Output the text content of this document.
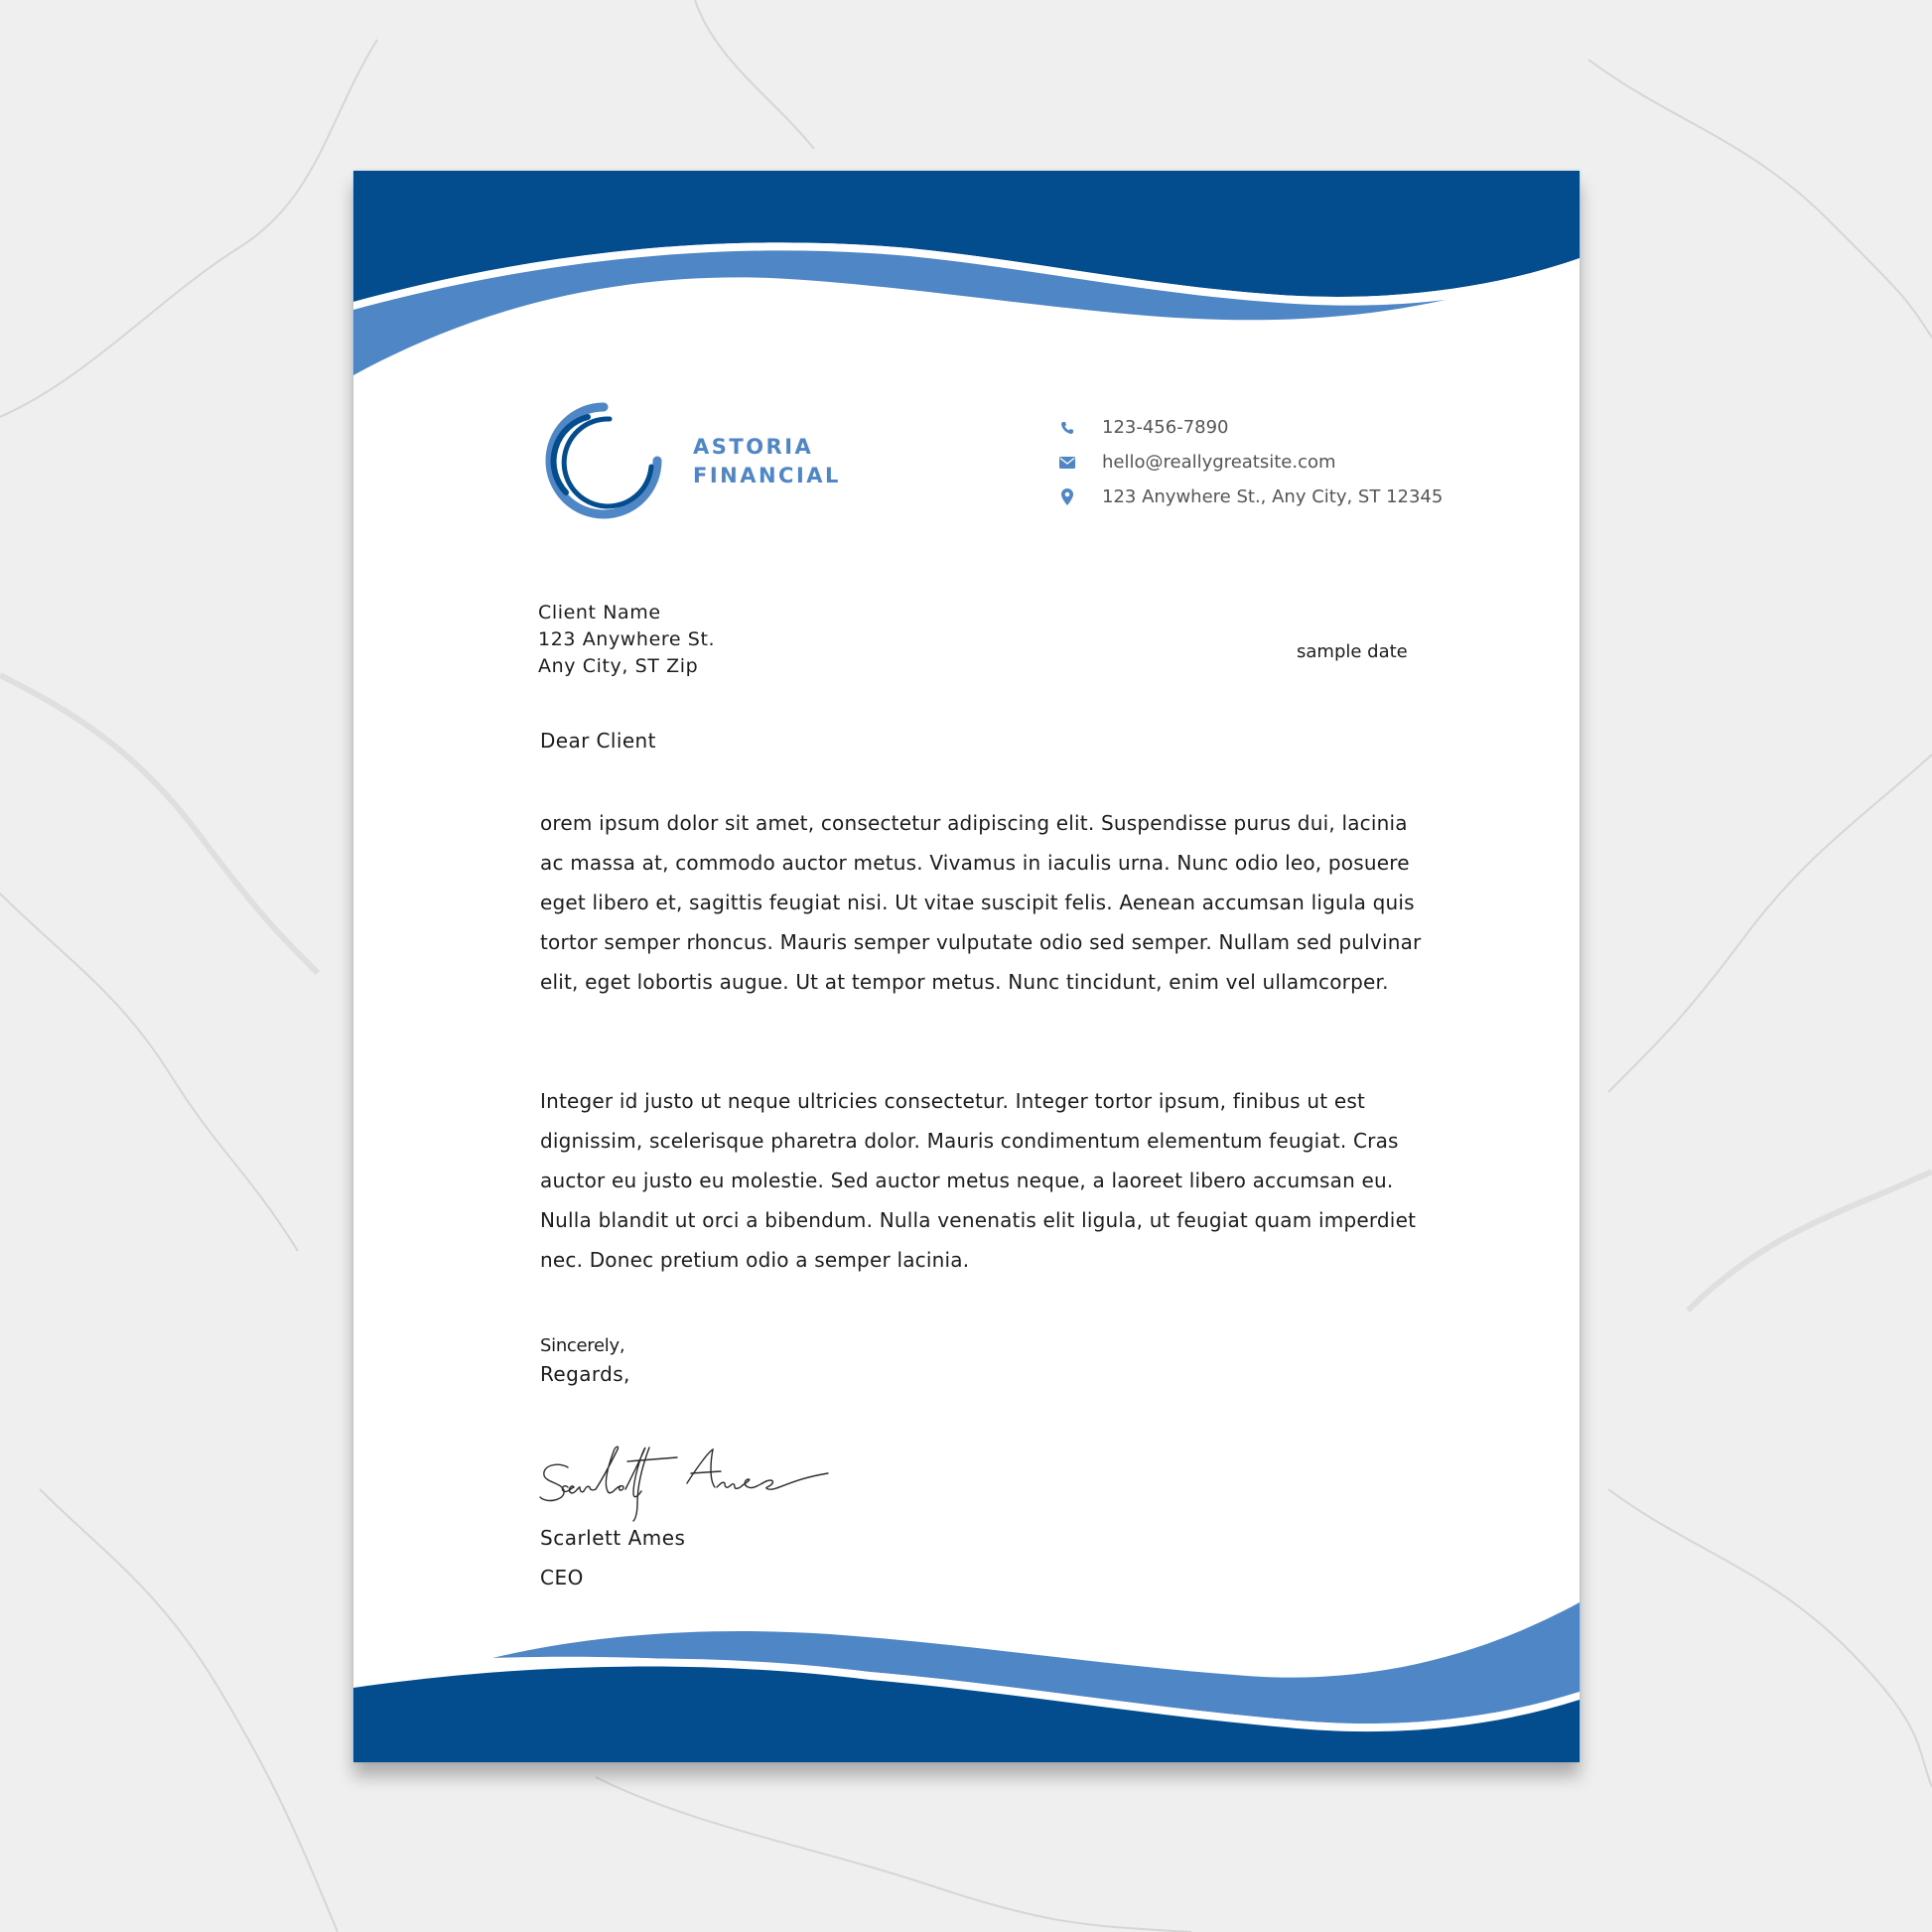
ASTORIA
FINANCIAL
123-456-7890
hello@reallygreatsite.com
123 Anywhere St., Any City, ST 12345
Client Name
123 Anywhere St.
Any City, ST Zip
sample date
Dear Client
orem ipsum dolor sit amet, consectetur adipiscing elit. Suspendisse purus dui, lacinia ac massa at, commodo auctor metus. Vivamus in iaculis urna. Nunc odio leo, posuere eget libero et, sagittis feugiat nisi. Ut vitae suscipit felis. Aenean accumsan ligula quis tortor semper rhoncus. Mauris semper vulputate odio sed semper. Nullam sed pulvinar elit, eget lobortis augue. Ut at tempor metus. Nunc tincidunt, enim vel ullamcorper.
Integer id justo ut neque ultricies consectetur. Integer tortor ipsum, finibus ut est dignissim, scelerisque pharetra dolor. Mauris condimentum elementum feugiat. Cras auctor eu justo eu molestie. Sed auctor metus neque, a laoreet libero accumsan eu. Nulla blandit ut orci a bibendum. Nulla venenatis elit ligula, ut feugiat quam imperdiet nec. Donec pretium odio a semper lacinia.
Sincerely,
Regards,
Scarlett Ames
CEO
